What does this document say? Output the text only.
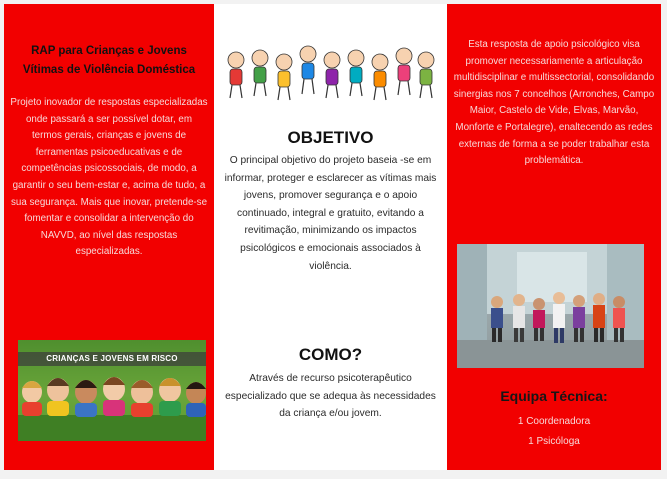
RAP para Crianças e Jovens
Vítimas de Violência Doméstica
Projeto inovador de respostas especializadas onde passará a ser possível dotar, em termos gerais, crianças e jovens de ferramentas psicoeducativas e de competências psicossociais, de modo, a garantir o seu bem-estar e, acima de tudo, a sua segurança. Mais que inovar, pretende-se fomentar e consolidar a intervenção do NAVVD, ao nível das respostas especializadas.
CRIANÇAS E JOVENS EM RISCO
OBJETIVO

O principal objetivo do projeto baseia -se em informar, proteger e esclarecer as vítimas mais jovens, promover segurança e o apoio continuado, integral e gratuito, evitando a revitimação, minimizando os impactos psicológicos e emocionais associados à violência.

COMO?

Através de recurso psicoterapêutico especializado que se adequa às necessidades da criança e/ou jovem.

Esta resposta de apoio psicológico visa promover necessariamente a articulação multidisciplinar e multissectorial, consolidando sinergias nos 7 concelhos (Arronches, Campo Maior, Castelo de Vide, Elvas, Marvão, Monforte e Portalegre), enaltecendo as redes externas de forma a se poder trabalhar esta problemática.
Equipa Técnica:
1 Coordenadora
1 Psicóloga
